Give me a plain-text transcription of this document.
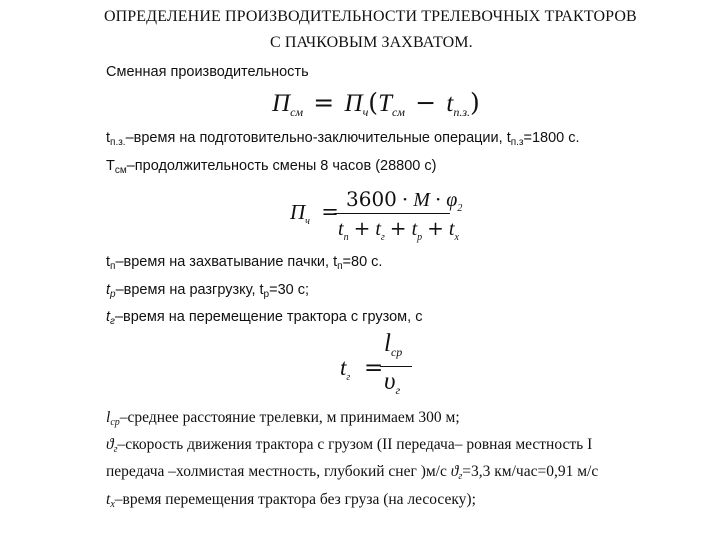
ОПРЕДЕЛЕНИЕ ПРОИЗВОДИТЕЛЬНОСТИ ТРЕЛЕВОЧНЫХ ТРАКТОРОВ
С ПАЧКОВЫМ ЗАХВАТОМ.
Сменная производительность
$П_{см} = П_ч(T_{см} - t_{п.з.})$
$t_{п.з.}$–время на подготовительно-заключительные операции, $t_{п.з}=1800$ с.
$Т_{см}$–продолжительность смены 8 часов (28800 с)
$П_ч$ =
$3600 \cdot M \cdot \varphi_2$
$t_п + t_г + t_р + t_х$
$t_п$–время на захватывание пачки, $t_п=80$ с.
$t_р$–время на разгрузку, $t_р=30$ с;
$t_г$–время на перемещение трактора с грузом, с
$t_г$ =
$l_{ср}$
$\upsilon_г$
$l_{ср}$–среднее расстояние трелевки, м принимаем 300 м;
$ϑ_г$–скорость движения трактора с грузом (II передача– ровная местность I
передача –холмистая местность, глубокий снег )м/с $ϑ_г=3,3$ км/час=0,91 м/с
$t_х$–время перемещения трактора без груза (на лесосеку);
